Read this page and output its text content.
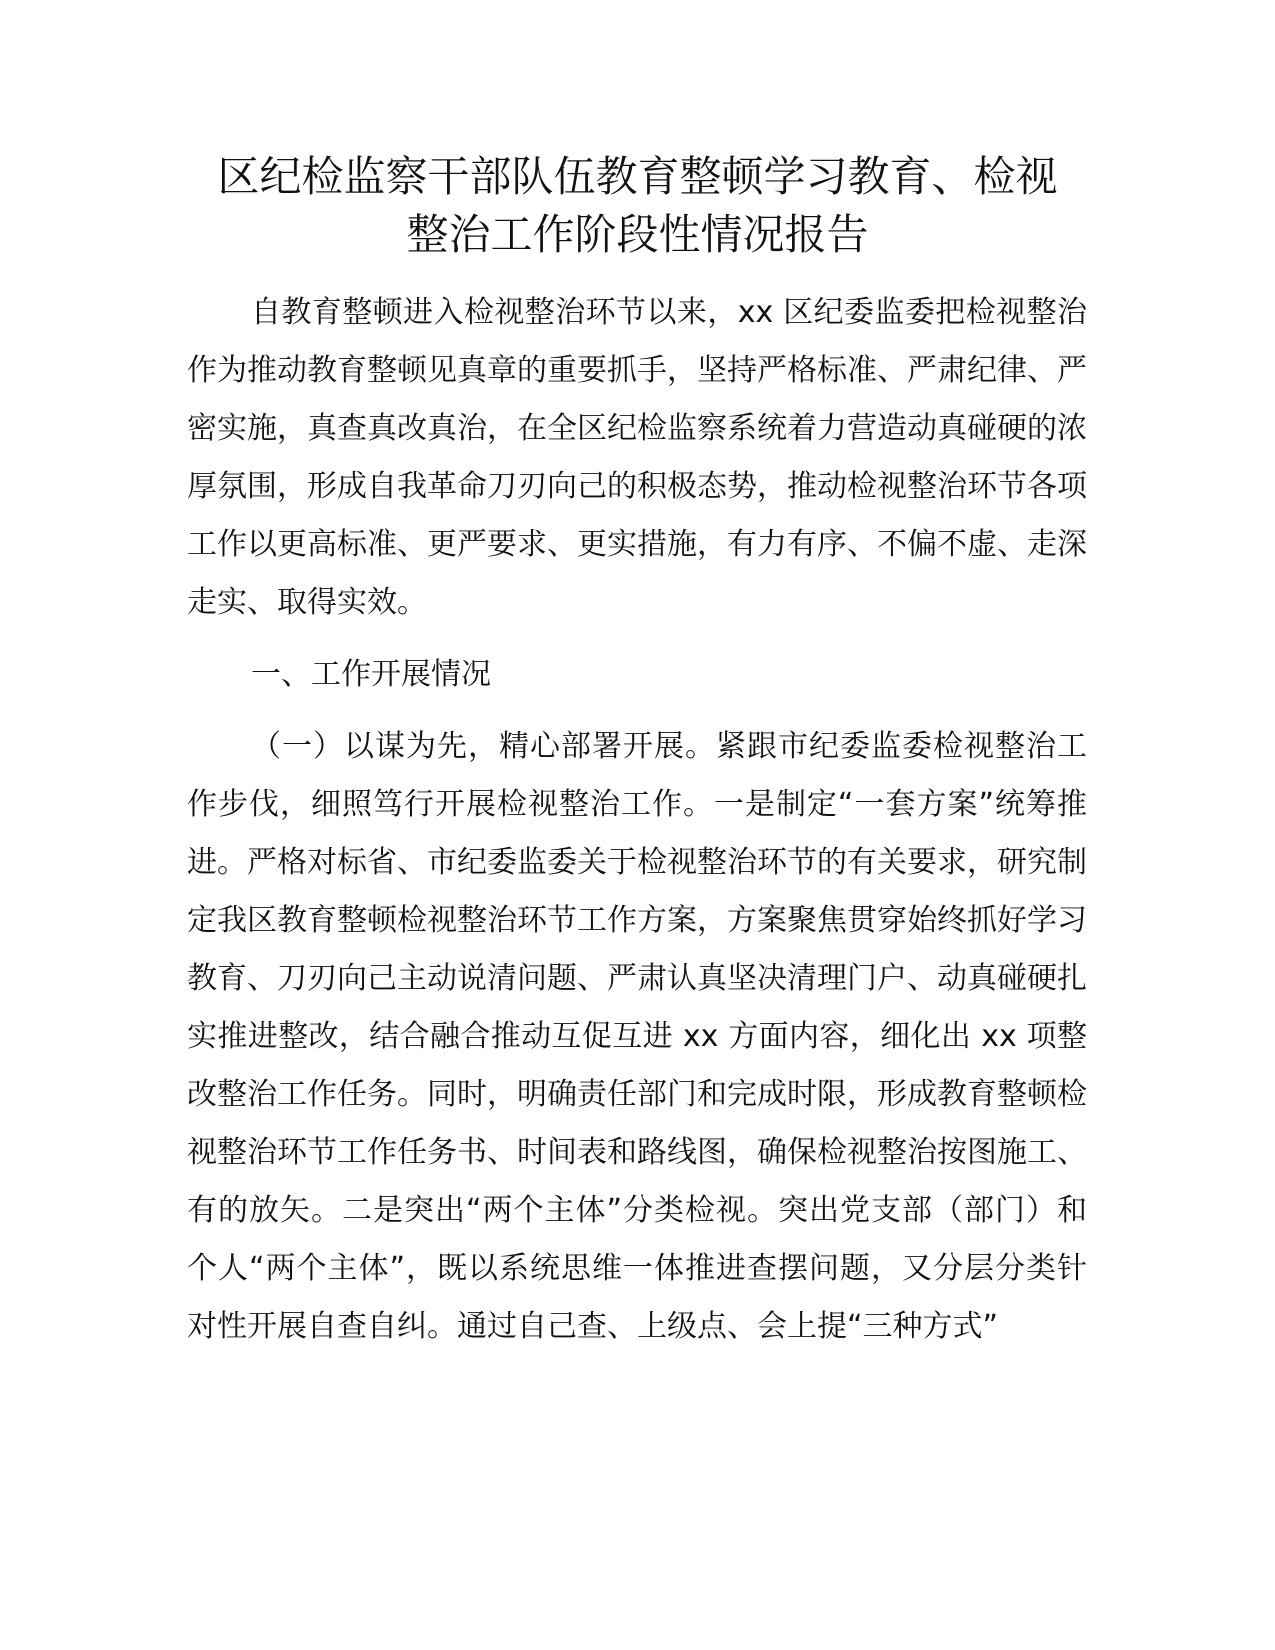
区纪检监察干部队伍教育整顿学习教育、检视
整治工作阶段性情况报告

自教育整顿进入检视整治环节以来，xx 区纪委监委把检视整治作为推动教育整顿见真章的重要抓手，坚持严格标准、严肃纪律、严密实施，真查真改真治，在全区纪检监察系统着力营造动真碰硬的浓厚氛围，形成自我革命刀刃向己的积极态势，推动检视整治环节各项工作以更高标准、更严要求、更实措施，有力有序、不偏不虚、走深走实、取得实效。

一、工作开展情况

（一）以谋为先，精心部署开展。紧跟市纪委监委检视整治工作步伐，细照笃行开展检视整治工作。一是制定“一套方案”统筹推进。严格对标省、市纪委监委关于检视整治环节的有关要求，研究制定我区教育整顿检视整治环节工作方案，方案聚焦贯穿始终抓好学习教育、刀刃向己主动说清问题、严肃认真坚决清理门户、动真碰硬扎实推进整改，结合融合推动互促互进 xx 方面内容，细化出 xx 项整改整治工作任务。同时，明确责任部门和完成时限，形成教育整顿检视整治环节工作任务书、时间表和路线图，确保检视整治按图施工、有的放矢。二是突出“两个主体”分类检视。突出党支部（部门）和个人“两个主体”，既以系统思维一体推进查摆问题，又分层分类针对性开展自查自纠。通过自己查、上级点、会上提“三种方式”
